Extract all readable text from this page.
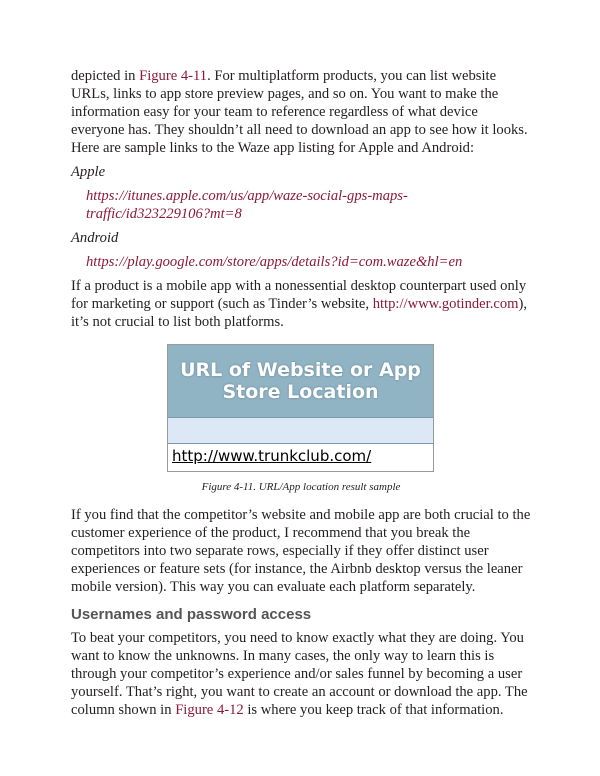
depicted in Figure 4-11. For multiplatform products, you can list website URLs, links to app store preview pages, and so on. You want to make the information easy for your team to reference regardless of what device everyone has. They shouldn’t all need to download an app to see how it looks. Here are sample links to the Waze app listing for Apple and Android:

Apple

https://itunes.apple.com/us/app/waze-social-gps-maps-traffic/id323229106?mt=8

Android

https://play.google.com/store/apps/details?id=com.waze&hl=en

If a product is a mobile app with a nonessential desktop counterpart used only for marketing or support (such as Tinder’s website, http://www.gotinder.com), it’s not crucial to list both platforms.

URL of Website or App Store Location
http://www.trunkclub.com/

Figure 4-11. URL/App location result sample

If you find that the competitor’s website and mobile app are both crucial to the customer experience of the product, I recommend that you break the competitors into two separate rows, especially if they offer distinct user experiences or feature sets (for instance, the Airbnb desktop versus the leaner mobile version). This way you can evaluate each platform separately.

Usernames and password access

To beat your competitors, you need to know exactly what they are doing. You want to know the unknowns. In many cases, the only way to learn this is through your competitor’s experience and/or sales funnel by becoming a user yourself. That’s right, you want to create an account or download the app. The column shown in Figure 4-12 is where you keep track of that information.
